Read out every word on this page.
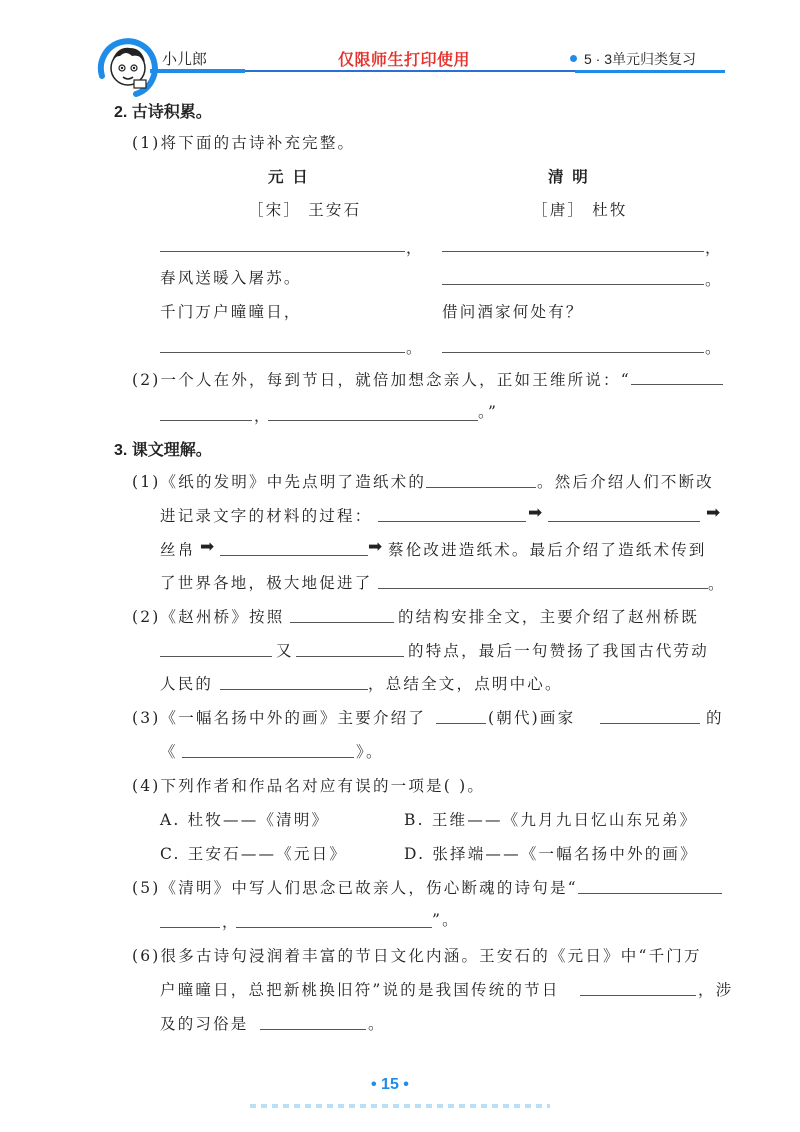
小儿郎	仅限师生打印使用	5 · 3单元归类复习
2. 古诗积累。
(1)将下面的古诗补充完整。
元 日
［宋］ 王安石
清 明
［唐］ 杜牧
，	，
春风送暖入屠苏。	。
千门万户曈曈日，	借问酒家何处有？
。	。
(2)一个人在外，每到节日，就倍加想念亲人，正如王维所说：“
，	。”
3. 课文理解。
(1)《纸的发明》中先点明了造纸术的	。然后介绍人们不断改
进记录文字的材料的过程：	➡	➡
丝帛 ➡	➡ 蔡伦改进造纸术。最后介绍了造纸术传到
了世界各地，极大地促进了	。
(2)《赵州桥》按照	的结构安排全文，主要介绍了赵州桥既
又	的特点，最后一句赞扬了我国古代劳动
人民的	，总结全文，点明中心。
(3)《一幅名扬中外的画》主要介绍了	(朝代)画家	的
《	》。
(4)下列作者和作品名对应有误的一项是( )。
A. 杜牧——《清明》	B. 王维——《九月九日忆山东兄弟》
C. 王安石——《元日》	D. 张择端——《一幅名扬中外的画》
(5)《清明》中写人们思念已故亲人，伤心断魂的诗句是“
，	”。
(6)很多古诗句浸润着丰富的节日文化内涵。王安石的《元日》中“千门万
户曈曈日，总把新桃换旧符”说的是我国传统的节日	，涉
及的习俗是	。
• 15 •
